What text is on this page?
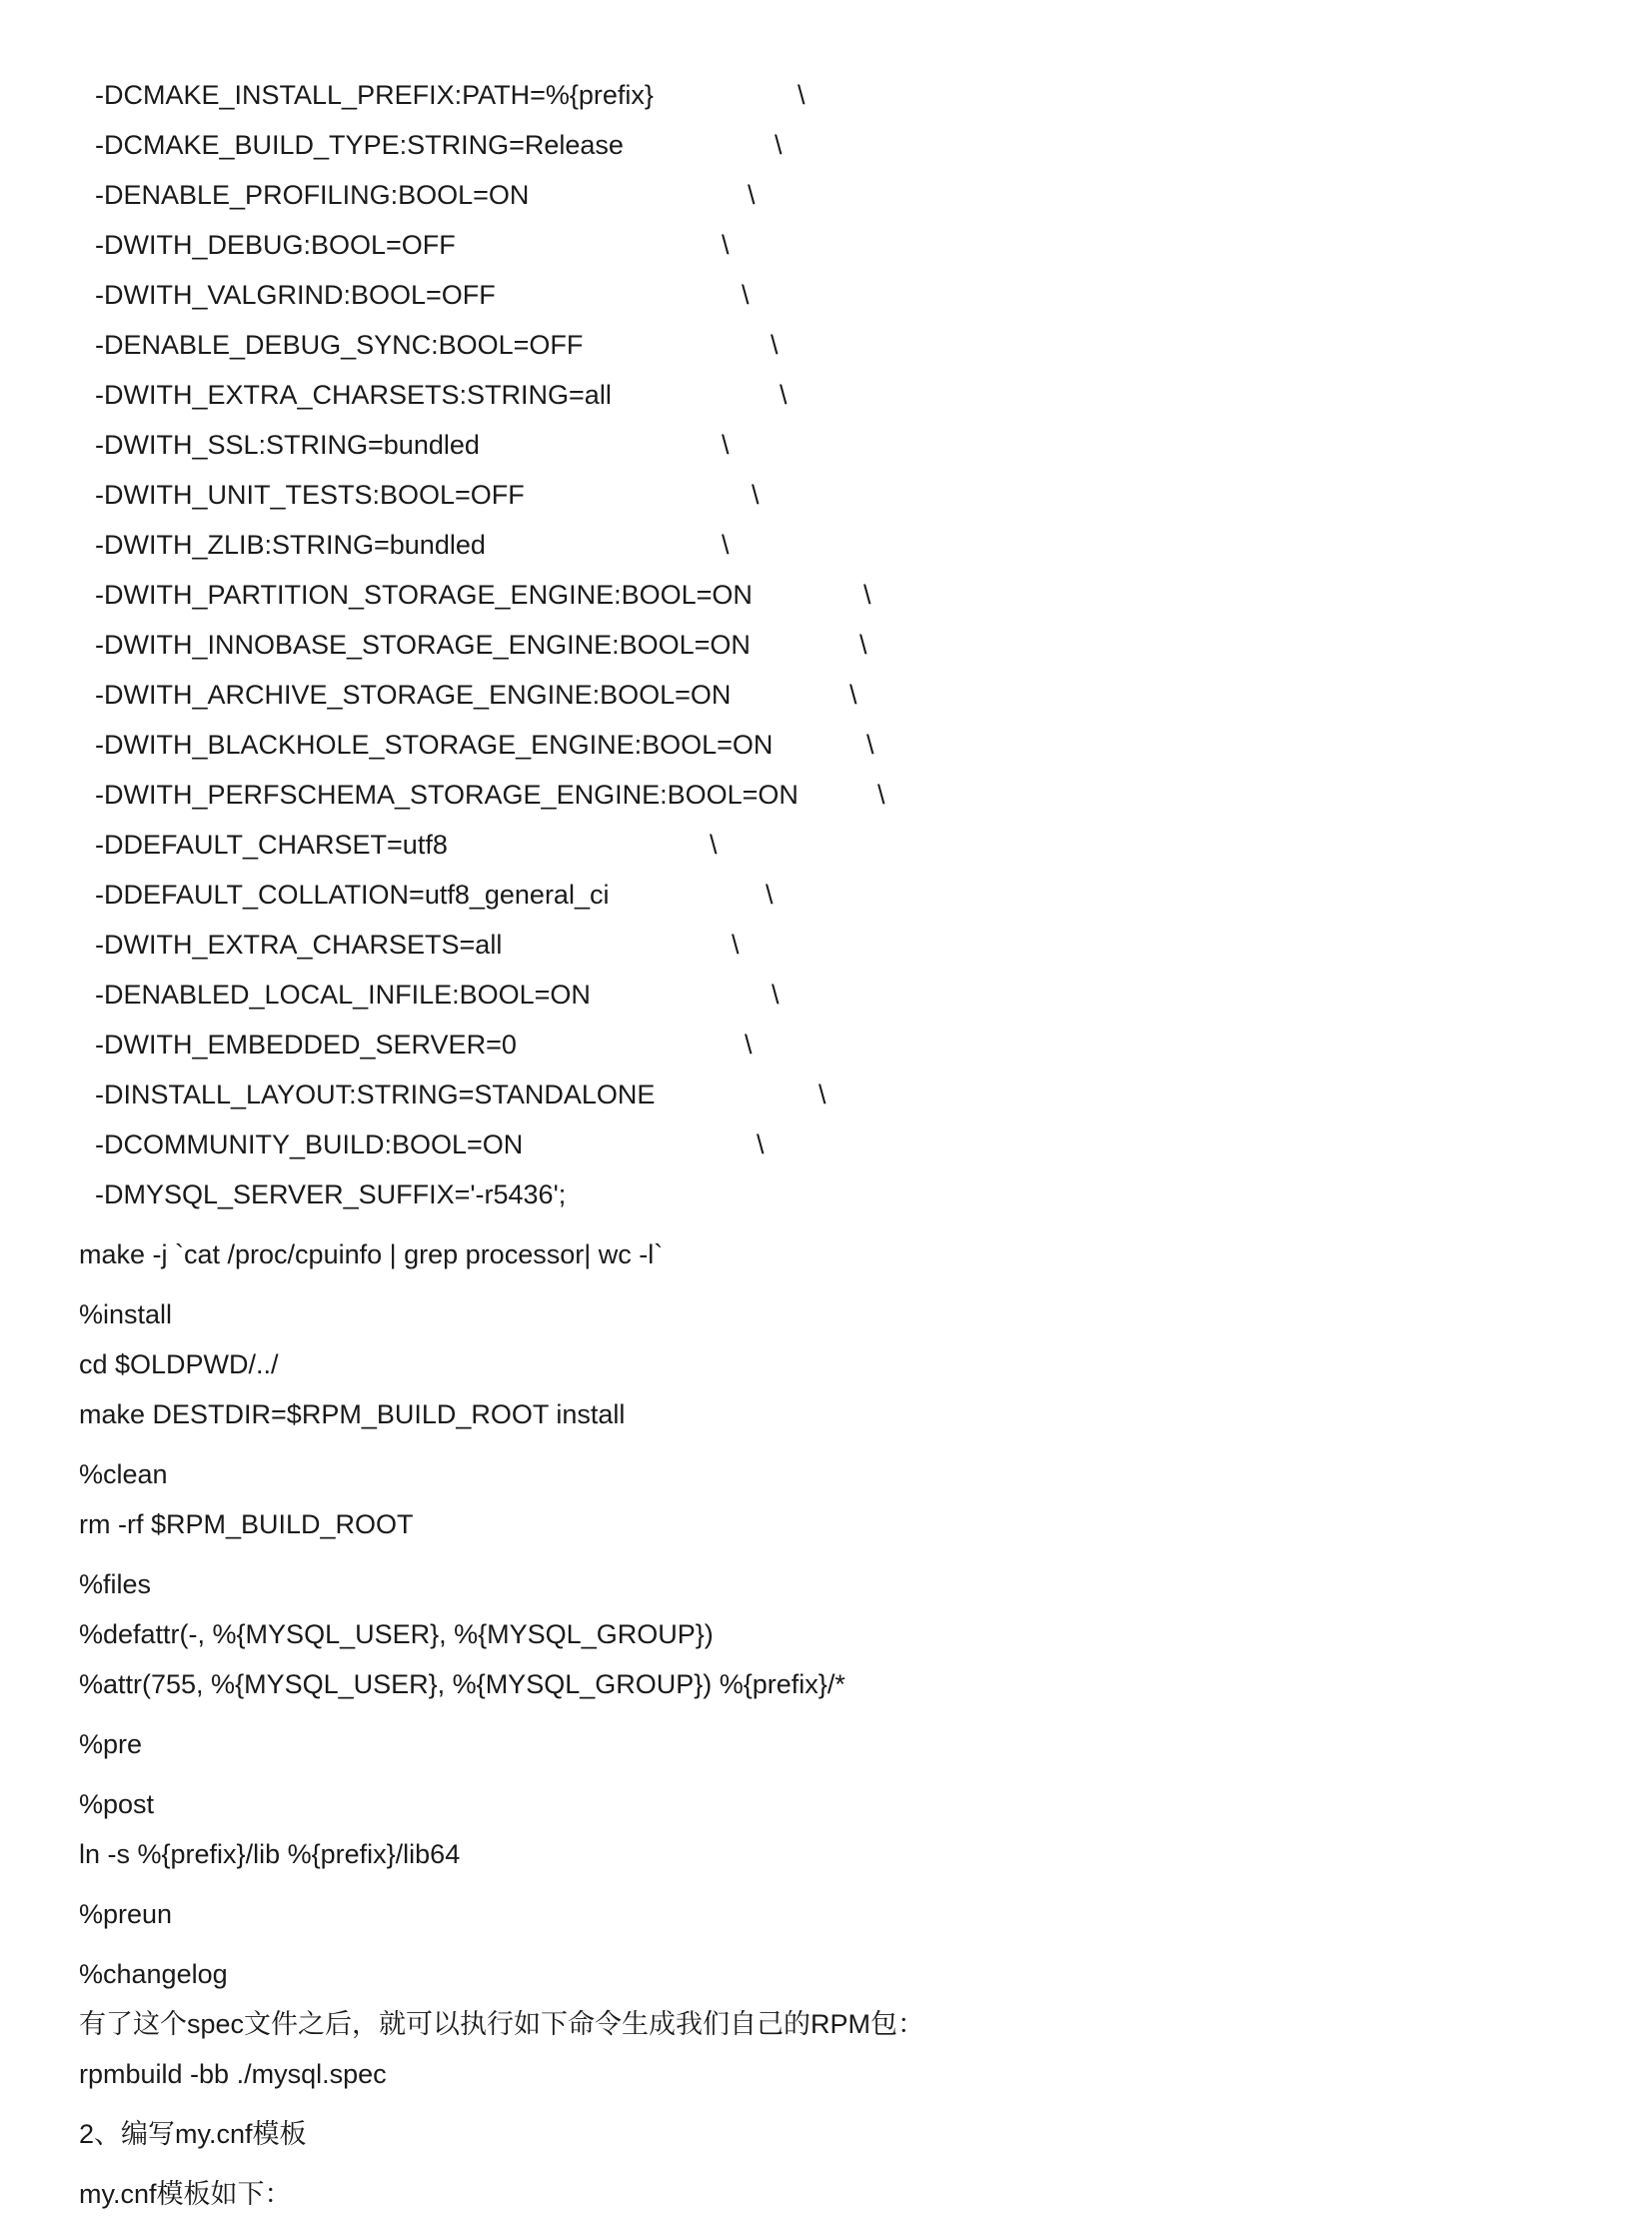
-DCMAKE_INSTALL_PREFIX:PATH=%{prefix}	\
-DCMAKE_BUILD_TYPE:STRING=Release	\
-DENABLE_PROFILING:BOOL=ON	\
-DWITH_DEBUG:BOOL=OFF	\
-DWITH_VALGRIND:BOOL=OFF	\
-DENABLE_DEBUG_SYNC:BOOL=OFF	\
-DWITH_EXTRA_CHARSETS:STRING=all	\
-DWITH_SSL:STRING=bundled	\
-DWITH_UNIT_TESTS:BOOL=OFF	\
-DWITH_ZLIB:STRING=bundled	\
-DWITH_PARTITION_STORAGE_ENGINE:BOOL=ON	\
-DWITH_INNOBASE_STORAGE_ENGINE:BOOL=ON	\
-DWITH_ARCHIVE_STORAGE_ENGINE:BOOL=ON	\
-DWITH_BLACKHOLE_STORAGE_ENGINE:BOOL=ON	\
-DWITH_PERFSCHEMA_STORAGE_ENGINE:BOOL=ON	\
-DDEFAULT_CHARSET=utf8	\
-DDEFAULT_COLLATION=utf8_general_ci	\
-DWITH_EXTRA_CHARSETS=all	\
-DENABLED_LOCAL_INFILE:BOOL=ON	\
-DWITH_EMBEDDED_SERVER=0	\
-DINSTALL_LAYOUT:STRING=STANDALONE	\
-DCOMMUNITY_BUILD:BOOL=ON	\
-DMYSQL_SERVER_SUFFIX='-r5436';
make -j `cat /proc/cpuinfo | grep processor| wc -l`
%install
cd $OLDPWD/../
make DESTDIR=$RPM_BUILD_ROOT install
%clean
rm -rf $RPM_BUILD_ROOT
%files
%defattr(-, %{MYSQL_USER}, %{MYSQL_GROUP})
%attr(755, %{MYSQL_USER}, %{MYSQL_GROUP}) %{prefix}/*
%pre
%post
ln -s %{prefix}/lib %{prefix}/lib64
%preun
%changelog
有了这个spec文件之后，就可以执行如下命令生成我们自己的RPM包：
rpmbuild -bb ./mysql.spec
2、编写my.cnf模板
my.cnf模板如下：
